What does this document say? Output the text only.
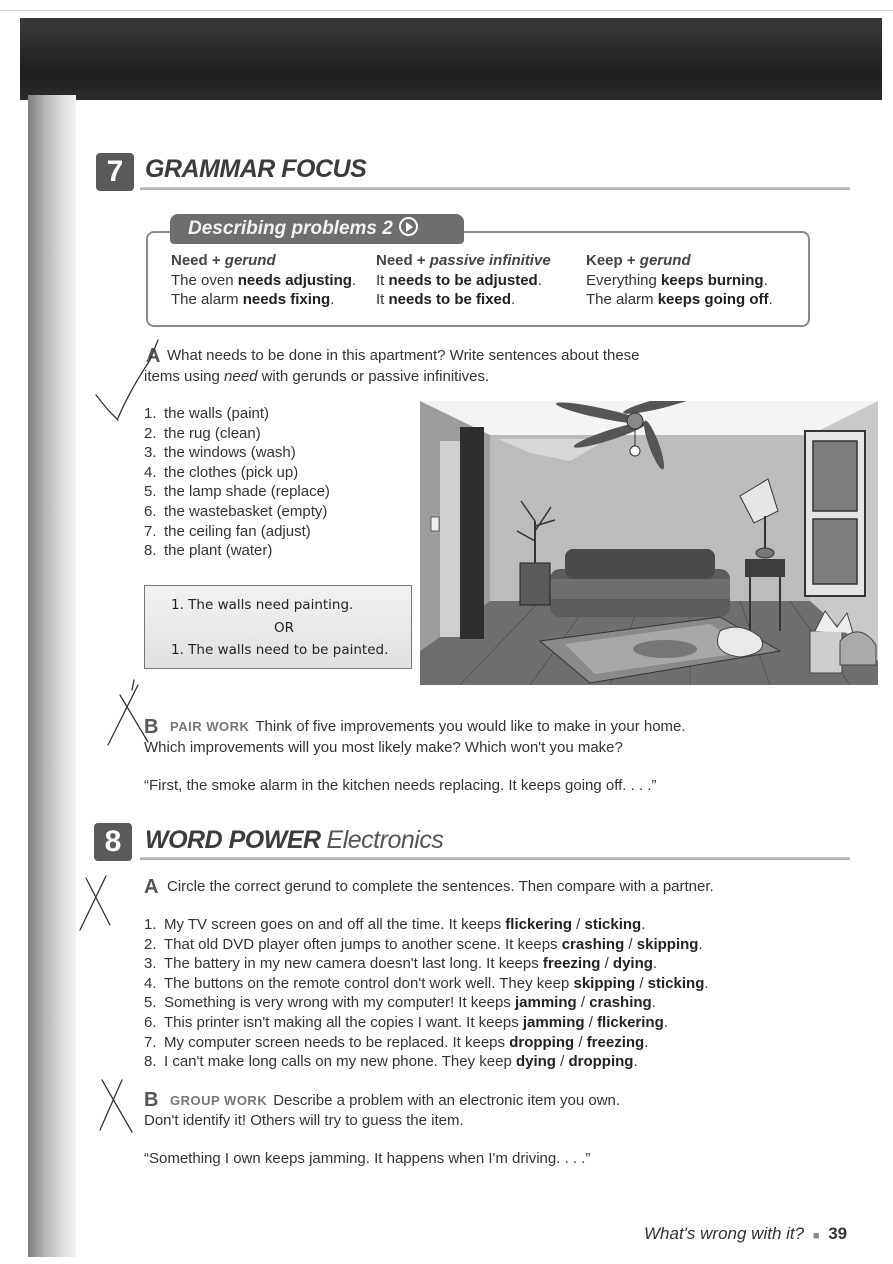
7 GRAMMAR FOCUS
Describing problems 2
Need + gerund
The oven needs adjusting.
The alarm needs fixing.
Need + passive infinitive
It needs to be adjusted.
It needs to be fixed.
Keep + gerund
Everything keeps burning.
The alarm keeps going off.
A What needs to be done in this apartment? Write sentences about these
items using need with gerunds or passive infinitives.
1. the walls (paint)
2. the rug (clean)
3. the windows (wash)
4. the clothes (pick up)
5. the lamp shade (replace)
6. the wastebasket (empty)
7. the ceiling fan (adjust)
8. the plant (water)
1. The walls need painting.
OR
1. The walls need to be painted.
B PAIR WORK Think of five improvements you would like to make in your home.
Which improvements will you most likely make? Which won't you make?
“First, the smoke alarm in the kitchen needs replacing. It keeps going off. . . .”
8 WORD POWER Electronics
A Circle the correct gerund to complete the sentences. Then compare with a partner.
1. My TV screen goes on and off all the time. It keeps flickering / sticking.
2. That old DVD player often jumps to another scene. It keeps crashing / skipping.
3. The battery in my new camera doesn't last long. It keeps freezing / dying.
4. The buttons on the remote control don't work well. They keep skipping / sticking.
5. Something is very wrong with my computer! It keeps jamming / crashing.
6. This printer isn't making all the copies I want. It keeps jamming / flickering.
7. My computer screen needs to be replaced. It keeps dropping / freezing.
8. I can't make long calls on my new phone. They keep dying / dropping.
B GROUP WORK Describe a problem with an electronic item you own.
Don't identify it! Others will try to guess the item.
“Something I own keeps jamming. It happens when I'm driving. . . .”
What's wrong with it? ■ 39
